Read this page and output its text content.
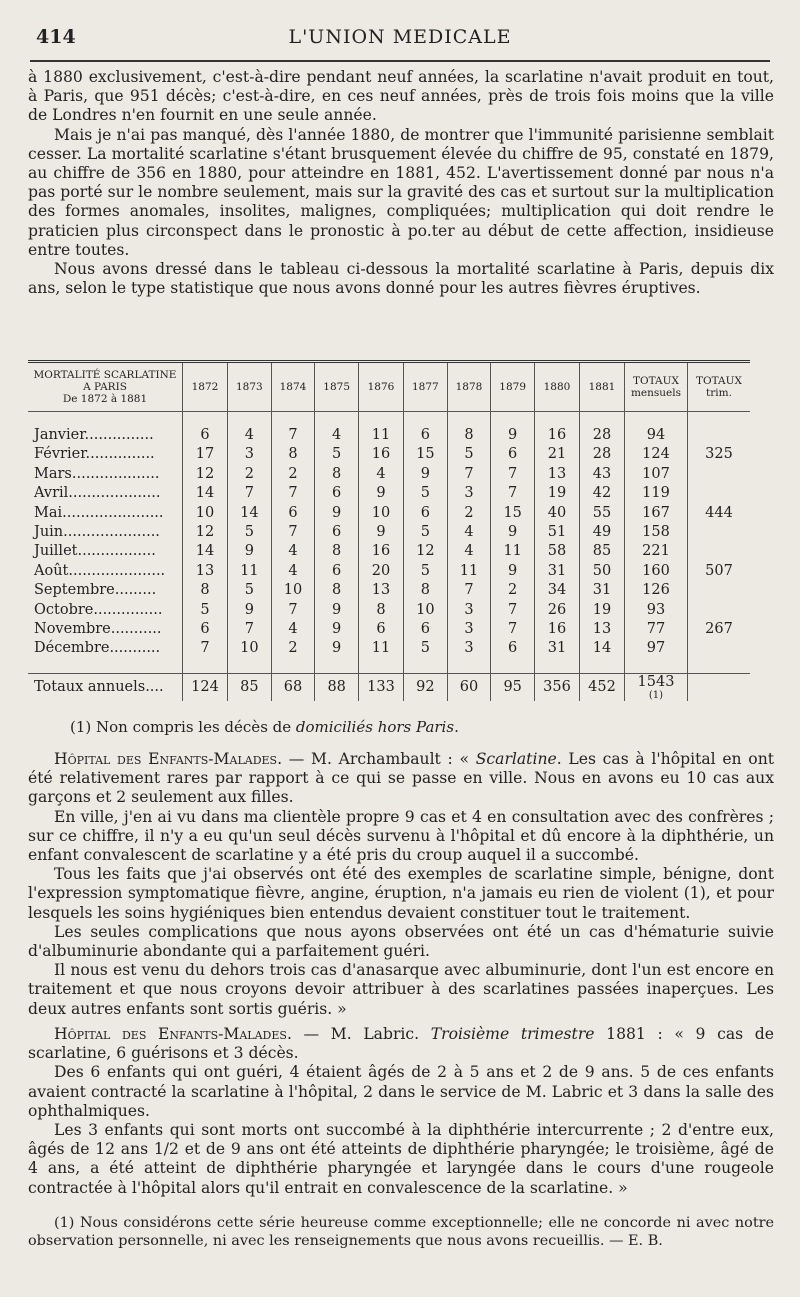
414	L'UNION MEDICALE

à 1880 exclusivement, c'est-à-dire pendant neuf années, la scarlatine n'avait produit en tout, à Paris, que 951 décès; c'est-à-dire, en ces neuf années, près de trois fois moins que la ville de Londres n'en fournit en une seule année.

Mais je n'ai pas manqué, dès l'année 1880, de montrer que l'immunité parisienne semblait cesser. La mortalité scarlatine s'étant brusquement élevée du chiffre de 95, constaté en 1879, au chiffre de 356 en 1880, pour atteindre en 1881, 452. L'avertissement donné par nous n'a pas porté sur le nombre seulement, mais sur la gravité des cas et surtout sur la multiplication des formes anomales, insolites, malignes, compliquées; multiplication qui doit rendre le praticien plus circonspect dans le pronostic à po.ter au début de cette affection, insidieuse entre toutes.

Nous avons dressé dans le tableau ci-dessous la mortalité scarlatine à Paris, depuis dix ans, selon le type statistique que nous avons donné pour les autres fièvres éruptives.

MORTALITÉ SCARLATINE
A PARIS
De 1872 à 1881	1872	1873	1874	1875	1876	1877	1878	1879	1880	1881	TOTAUX mensuels	TOTAUX trim.

Janvier...............	6	4	7	4	11	6	8	9	16	28	94	
Février...............	17	3	8	5	16	15	5	6	21	28	124	325
Mars...................	12	2	2	8	4	9	7	7	13	43	107	
Avril....................	14	7	7	6	9	5	3	7	19	42	119	
Mai......................	10	14	6	9	10	6	2	15	40	55	167	444
Juin.....................	12	5	7	6	9	5	4	9	51	49	158	
Juillet.................	14	9	4	8	16	12	4	11	58	85	221	
Août.....................	13	11	4	6	20	5	11	9	31	50	160	507
Septembre.........	8	5	10	8	13	8	7	2	34	31	126	
Octobre...............	5	9	7	9	8	10	3	7	26	19	93	
Novembre...........	6	7	4	9	6	6	3	7	16	13	77	267
Décembre...........	7	10	2	9	11	5	3	6	31	14	97	

Totaux annuels....	124	85	68	88	133	92	60	95	356	452	1543
(1)	

(1) Non compris les décès de domiciliés hors Paris.

Hôpital des Enfants-Malades. — M. Archambault : « Scarlatine. Les cas à l'hôpital en ont été relativement rares par rapport à ce qui se passe en ville. Nous en avons eu 10 cas aux garçons et 2 seulement aux filles.

En ville, j'en ai vu dans ma clientèle propre 9 cas et 4 en consultation avec des confrères ; sur ce chiffre, il n'y a eu qu'un seul décès survenu à l'hôpital et dû encore à la diphthérie, un enfant convalescent de scarlatine y a été pris du croup auquel il a succombé.

Tous les faits que j'ai observés ont été des exemples de scarlatine simple, bénigne, dont l'expression symptomatique fièvre, angine, éruption, n'a jamais eu rien de violent (1), et pour lesquels les soins hygiéniques bien entendus devaient constituer tout le traitement.

Les seules complications que nous ayons observées ont été un cas d'hématurie suivie d'albuminurie abondante qui a parfaitement guéri.

Il nous est venu du dehors trois cas d'anasarque avec albuminurie, dont l'un est encore en traitement et que nous croyons devoir attribuer à des scarlatines passées inaperçues. Les deux autres enfants sont sortis guéris. »

Hôpital des Enfants-Malades. — M. Labric. Troisième trimestre 1881 : « 9 cas de scarlatine, 6 guérisons et 3 décès.

Des 6 enfants qui ont guéri, 4 étaient âgés de 2 à 5 ans et 2 de 9 ans. 5 de ces enfants avaient contracté la scarlatine à l'hôpital, 2 dans le service de M. Labric et 3 dans la salle des ophthalmiques.

Les 3 enfants qui sont morts ont succombé à la diphthérie intercurrente ; 2 d'entre eux, âgés de 12 ans 1/2 et de 9 ans ont été atteints de diphthérie pharyngée; le troisième, âgé de 4 ans, a été atteint de diphthérie pharyngée et laryngée dans le cours d'une rougeole contractée à l'hôpital alors qu'il entrait en convalescence de la scarlatine. »

(1) Nous considérons cette série heureuse comme exceptionnelle; elle ne concorde ni avec notre observation personnelle, ni avec les renseignements que nous avons recueillis. — E. B.
